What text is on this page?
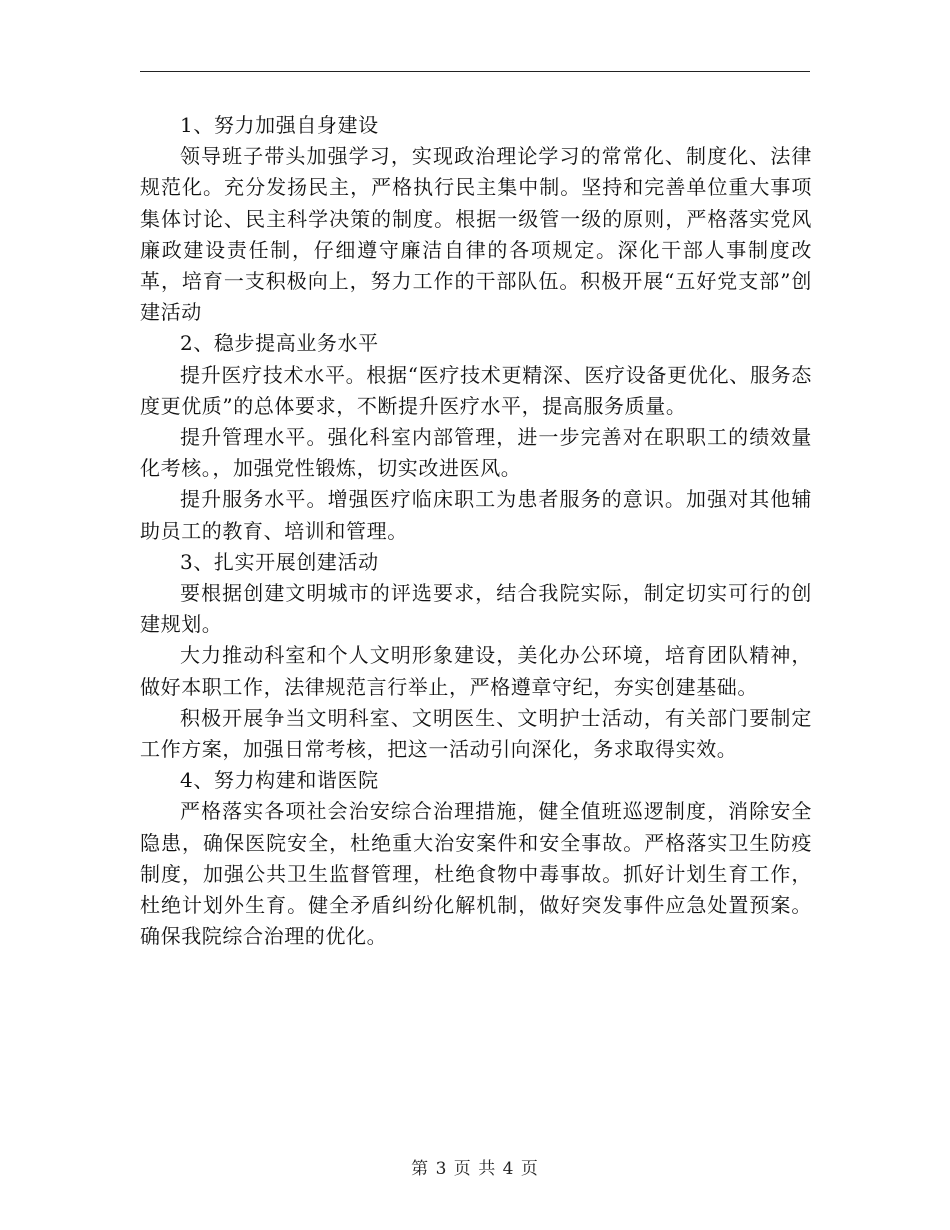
1、努力加强自身建设

领导班子带头加强学习，实现政治理论学习的常常化、制度化、法律规范化。充分发扬民主，严格执行民主集中制。坚持和完善单位重大事项集体讨论、民主科学决策的制度。根据一级管一级的原则，严格落实党风廉政建设责任制，仔细遵守廉洁自律的各项规定。深化干部人事制度改革，培育一支积极向上，努力工作的干部队伍。积极开展“五好党支部”创建活动

2、稳步提高业务水平

提升医疗技术水平。根据“医疗技术更精深、医疗设备更优化、服务态度更优质”的总体要求，不断提升医疗水平，提高服务质量。

提升管理水平。强化科室内部管理，进一步完善对在职职工的绩效量化考核。，加强党性锻炼，切实改进医风。

提升服务水平。增强医疗临床职工为患者服务的意识。加强对其他辅助员工的教育、培训和管理。

3、扎实开展创建活动

要根据创建文明城市的评选要求，结合我院实际，制定切实可行的创建规划。

大力推动科室和个人文明形象建设，美化办公环境，培育团队精神，做好本职工作，法律规范言行举止，严格遵章守纪，夯实创建基础。

积极开展争当文明科室、文明医生、文明护士活动，有关部门要制定工作方案，加强日常考核，把这一活动引向深化，务求取得实效。

4、努力构建和谐医院

严格落实各项社会治安综合治理措施，健全值班巡逻制度，消除安全隐患，确保医院安全，杜绝重大治安案件和安全事故。严格落实卫生防疫制度，加强公共卫生监督管理，杜绝食物中毒事故。抓好计划生育工作，杜绝计划外生育。健全矛盾纠纷化解机制，做好突发事件应急处置预案。确保我院综合治理的优化。

第 3 页 共 4 页
